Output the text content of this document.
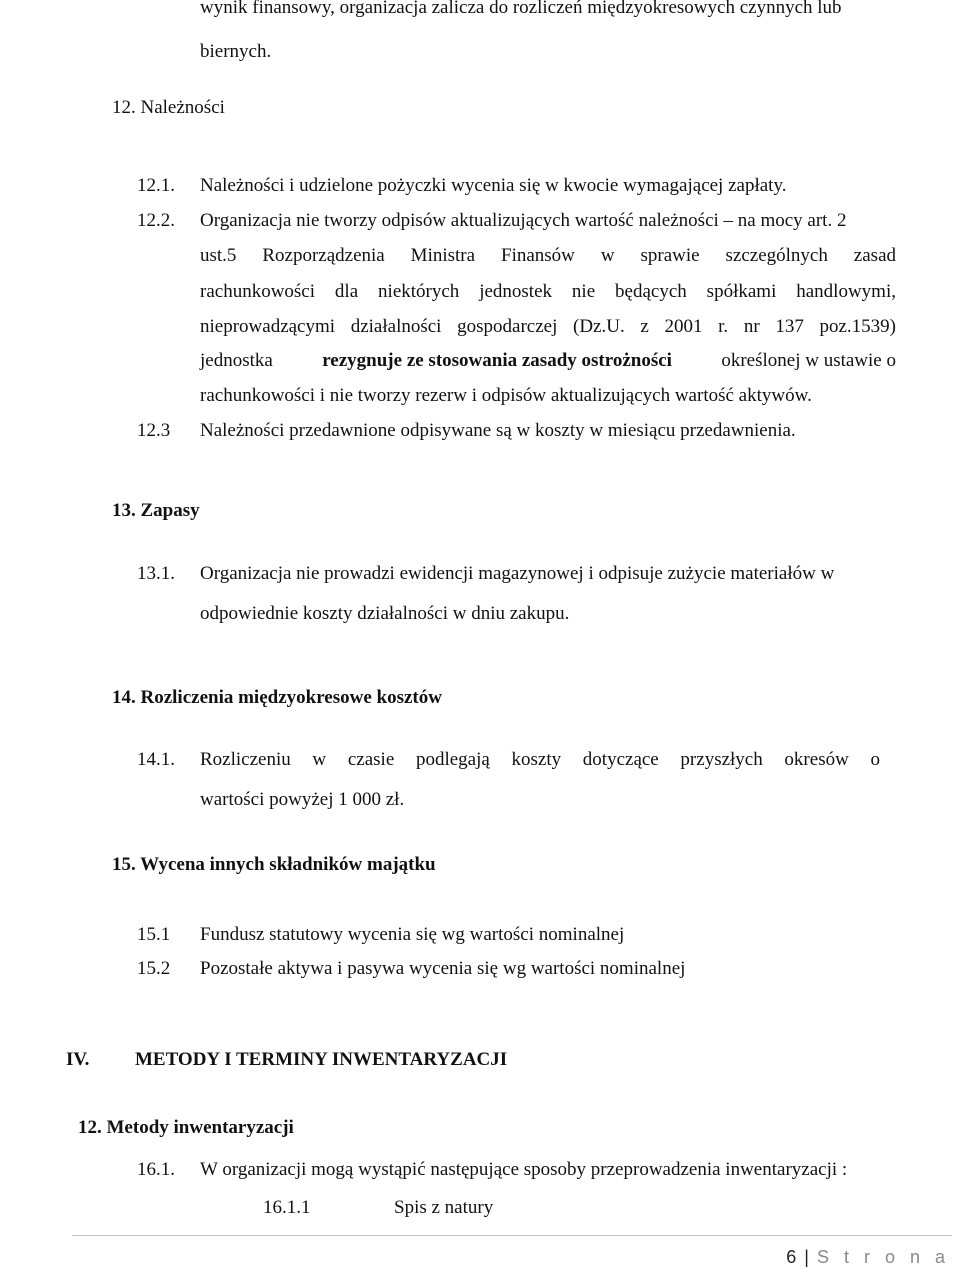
wynik finansowy, organizacja zalicza do rozliczeń międzyokresowych czynnych lub
biernych.
12. Należności
12.1. Należności i udzielone pożyczki wycenia się w kwocie wymagającej zapłaty.
12.2. Organizacja nie tworzy odpisów aktualizujących wartość należności – na mocy art. 2
ust.5 Rozporządzenia Ministra Finansów w sprawie szczególnych zasad
rachunkowości dla niektórych jednostek nie będących spółkami handlowymi,
nieprowadzącymi działalności gospodarczej (Dz.U. z 2001 r. nr 137 poz.1539)
jednostka	rezygnuje ze stosowania zasady ostrożności	określonej w ustawie o
rachunkowości i nie tworzy rezerw i odpisów aktualizujących wartość aktywów.
12.3 Należności przedawnione odpisywane są w koszty w miesiącu przedawnienia.
13. Zapasy
13.1. Organizacja nie prowadzi ewidencji magazynowej i odpisuje zużycie materiałów w
odpowiednie koszty działalności w dniu zakupu.
14. Rozliczenia międzyokresowe kosztów
14.1. Rozliczeniu w czasie podlegają koszty dotyczące przyszłych okresów o
wartości powyżej 1 000 zł.
15. Wycena innych składników majątku
15.1 Fundusz statutowy wycenia się wg wartości nominalnej
15.2 Pozostałe aktywa i pasywa wycenia się wg wartości nominalnej
IV. METODY I TERMINY INWENTARYZACJI
12. Metody inwentaryzacji
16.1. W organizacji mogą wystąpić następujące sposoby przeprowadzenia inwentaryzacji :
16.1.1	Spis z natury
6 | S t r o n a
